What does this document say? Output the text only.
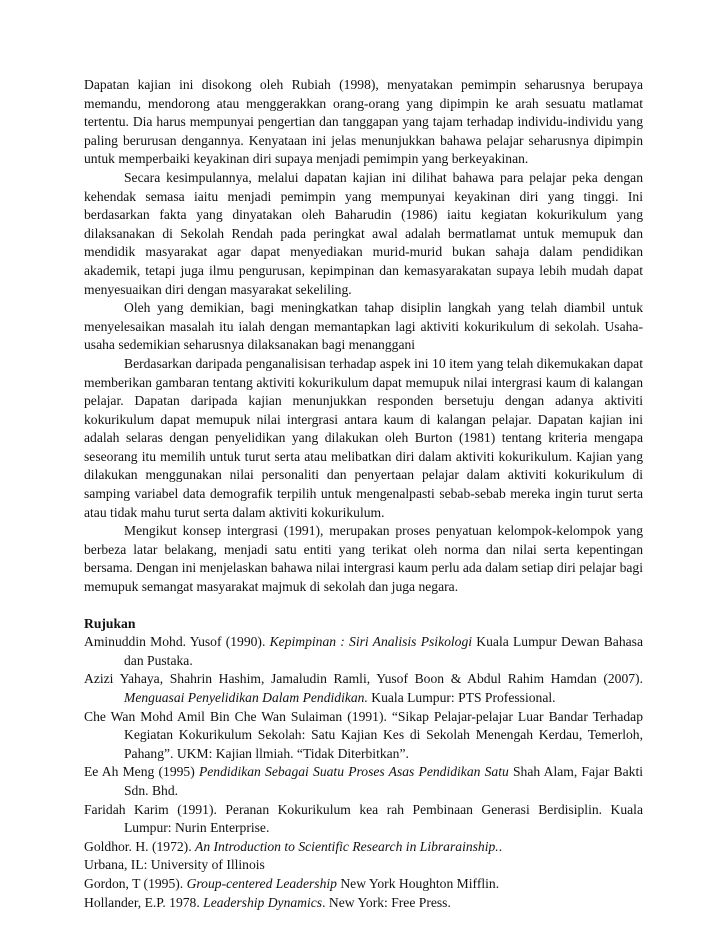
Dapatan kajian ini disokong oleh Rubiah (1998), menyatakan pemimpin seharusnya berupaya memandu, mendorong atau menggerakkan orang-orang yang dipimpin ke arah sesuatu matlamat tertentu. Dia harus mempunyai pengertian dan tanggapan yang tajam terhadap individu-individu yang paling berurusan dengannya. Kenyataan ini jelas menunjukkan bahawa pelajar seharusnya dipimpin untuk memperbaiki keyakinan diri supaya menjadi pemimpin yang berkeyakinan.

Secara kesimpulannya, melalui dapatan kajian ini dilihat bahawa para pelajar peka dengan kehendak semasa iaitu menjadi pemimpin yang mempunyai keyakinan diri yang tinggi. Ini berdasarkan fakta yang dinyatakan oleh Baharudin (1986) iaitu kegiatan kokurikulum yang dilaksanakan di Sekolah Rendah pada peringkat awal adalah bermatlamat untuk memupuk dan mendidik masyarakat agar dapat menyediakan murid-murid bukan sahaja dalam pendidikan akademik, tetapi juga ilmu pengurusan, kepimpinan dan kemasyarakatan supaya lebih mudah dapat menyesuaikan diri dengan masyarakat sekeliling.

Oleh yang demikian, bagi meningkatkan tahap disiplin langkah yang telah diambil untuk menyelesaikan masalah itu ialah dengan memantapkan lagi aktiviti kokurikulum di sekolah. Usaha-usaha sedemikian seharusnya dilaksanakan bagi menanggani

Berdasarkan daripada penganalisisan terhadap aspek ini 10 item yang telah dikemukakan dapat memberikan gambaran tentang aktiviti kokurikulum dapat memupuk nilai intergrasi kaum di kalangan pelajar. Dapatan daripada kajian menunjukkan responden bersetuju dengan adanya aktiviti kokurikulum dapat memupuk nilai intergrasi antara kaum di kalangan pelajar. Dapatan kajian ini adalah selaras dengan penyelidikan yang dilakukan oleh Burton (1981) tentang kriteria mengapa seseorang itu memilih untuk turut serta atau melibatkan diri dalam aktiviti kokurikulum. Kajian yang dilakukan menggunakan nilai personaliti dan penyertaan pelajar dalam aktiviti kokurikulum di samping variabel data demografik terpilih untuk mengenalpasti sebab-sebab mereka ingin turut serta atau tidak mahu turut serta dalam aktiviti kokurikulum.

Mengikut konsep intergrasi (1991), merupakan proses penyatuan kelompok-kelompok yang berbeza latar belakang, menjadi satu entiti yang terikat oleh norma dan nilai serta kepentingan bersama. Dengan ini menjelaskan bahawa nilai intergrasi kaum perlu ada dalam setiap diri pelajar bagi memupuk semangat masyarakat majmuk di sekolah dan juga negara.

Rujukan

Aminuddin Mohd. Yusof (1990). Kepimpinan : Siri Analisis Psikologi Kuala Lumpur Dewan Bahasa dan Pustaka.

Azizi Yahaya, Shahrin Hashim, Jamaludin Ramli, Yusof Boon & Abdul Rahim Hamdan (2007). Menguasai Penyelidikan Dalam Pendidikan. Kuala Lumpur: PTS Professional.

Che Wan Mohd Amil Bin Che Wan Sulaiman (1991). “Sikap Pelajar-pelajar Luar Bandar Terhadap Kegiatan Kokurikulum Sekolah: Satu Kajian Kes di Sekolah Menengah Kerdau, Temerloh, Pahang”. UKM: Kajian llmiah. “Tidak Diterbitkan”.

Ee Ah Meng (1995) Pendidikan Sebagai Suatu Proses Asas Pendidikan Satu Shah Alam, Fajar Bakti Sdn. Bhd.

Faridah Karim (1991). Peranan Kokurikulum kea rah Pembinaan Generasi Berdisiplin. Kuala Lumpur: Nurin Enterprise.

Goldhor. H. (1972). An Introduction to Scientific Research in Librarainship..

Urbana, IL: University of Illinois

Gordon, T (1995). Group-centered Leadership New York Houghton Mifflin.

Hollander, E.P. 1978. Leadership Dynamics. New York: Free Press.
